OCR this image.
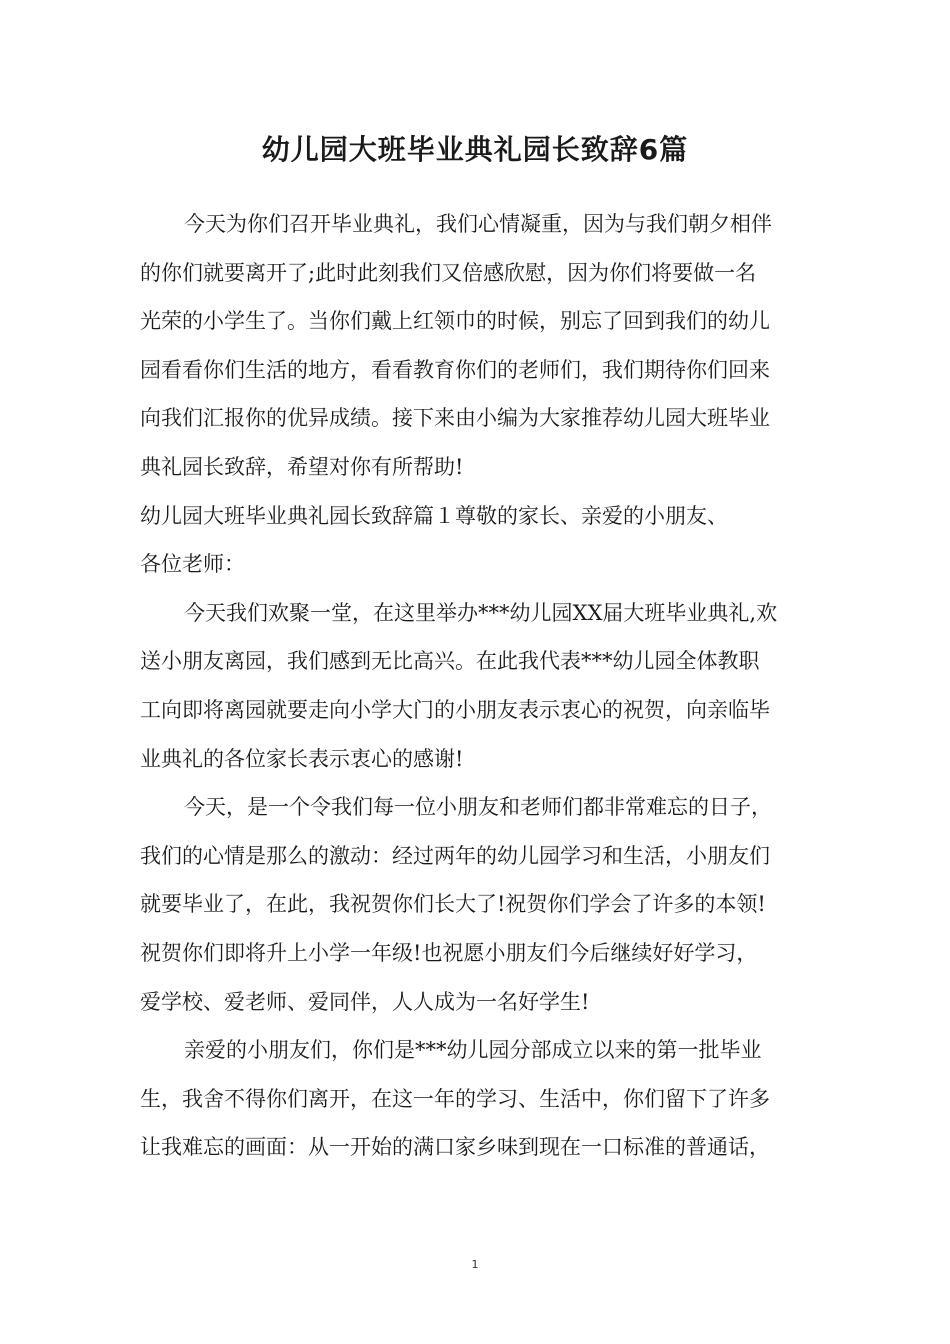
幼儿园大班毕业典礼园长致辞6篇

今天为你们召开毕业典礼，我们心情凝重，因为与我们朝夕相伴

的你们就要离开了;此时此刻我们又倍感欣慰，因为你们将要做一名

光荣的小学生了。当你们戴上红领巾的时候，别忘了回到我们的幼儿

园看看你们生活的地方，看看教育你们的老师们，我们期待你们回来

向我们汇报你的优异成绩。接下来由小编为大家推荐幼儿园大班毕业

典礼园长致辞，希望对你有所帮助!

幼儿园大班毕业典礼园长致辞篇１尊敬的家长、亲爱的小朋友、

各位老师：

今天我们欢聚一堂，在这里举办***幼儿园XX届大班毕业典礼,欢

送小朋友离园，我们感到无比高兴。在此我代表***幼儿园全体教职

工向即将离园就要走向小学大门的小朋友表示衷心的祝贺，向亲临毕

业典礼的各位家长表示衷心的感谢!

今天，是一个令我们每一位小朋友和老师们都非常难忘的日子，

我们的心情是那么的激动：经过两年的幼儿园学习和生活，小朋友们

就要毕业了，在此，我祝贺你们长大了!祝贺你们学会了许多的本领!

祝贺你们即将升上小学一年级!也祝愿小朋友们今后继续好好学习，

爱学校、爱老师、爱同伴，人人成为一名好学生!

亲爱的小朋友们，你们是***幼儿园分部成立以来的第一批毕业

生，我舍不得你们离开，在这一年的学习、生活中，你们留下了许多

让我难忘的画面：从一开始的满口家乡味到现在一口标准的普通话，

1
